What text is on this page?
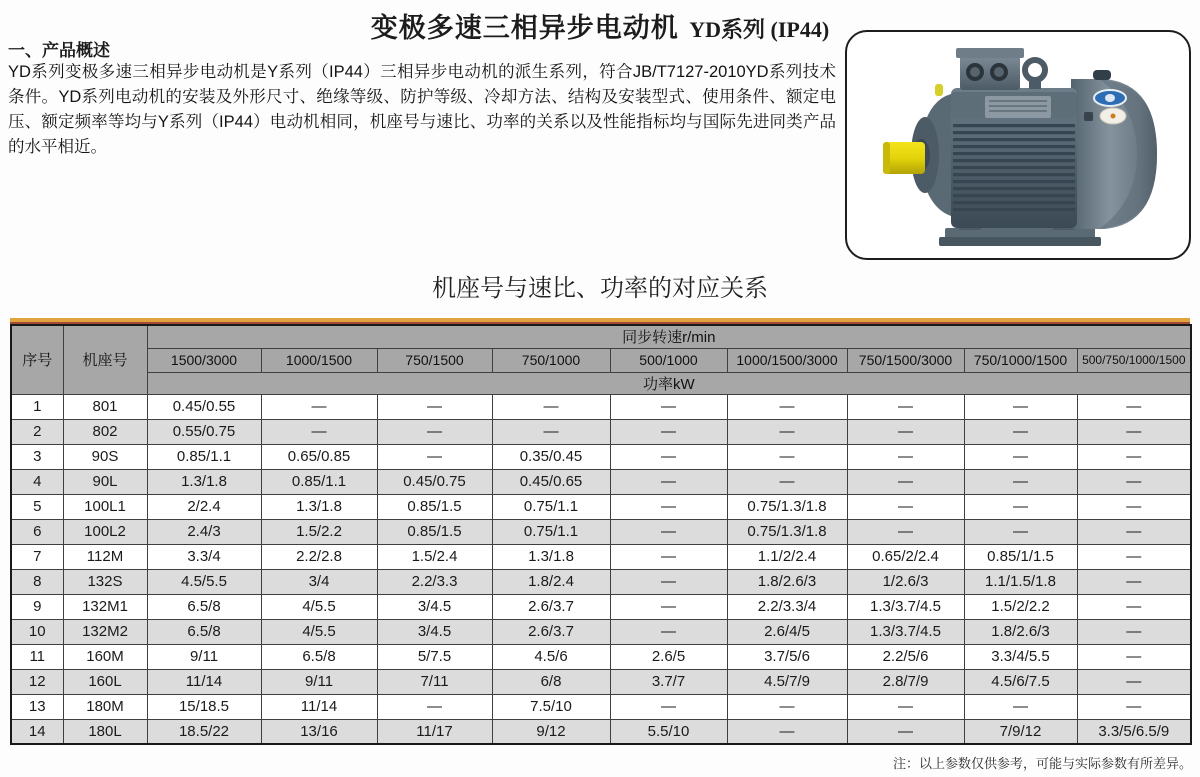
变极多速三相异步电动机 YD系列 (IP44)
一、产品概述

YD系列变极多速三相异步电动机是Y系列（IP44）三相异步电动机的派生系列，符合JB/T7127-2010YD系列技术条件。YD系列电动机的安装及外形尺寸、绝缘等级、防护等级、冷却方法、结构及安装型式、使用条件、额定电压、额定频率等均与Y系列（IP44）电动机相同，机座号与速比、功率的关系以及性能指标均与国际先进同类产品的水平相近。

机座号与速比、功率的对应关系
序号	机座号	同步转速r/min								
		1500/3000	1000/1500	750/1500	750/1000	500/1000	1000/1500/3000	750/1500/3000	750/1000/1500	500/750/1000/1500
		功率kW								
1	801	0.45/0.55	—	—	—	—	—	—	—	—
2	802	0.55/0.75	—	—	—	—	—	—	—	—
3	90S	0.85/1.1	0.65/0.85	—	0.35/0.45	—	—	—	—	—
4	90L	1.3/1.8	0.85/1.1	0.45/0.75	0.45/0.65	—	—	—	—	—
5	100L1	2/2.4	1.3/1.8	0.85/1.5	0.75/1.1	—	0.75/1.3/1.8	—	—	—
6	100L2	2.4/3	1.5/2.2	0.85/1.5	0.75/1.1	—	0.75/1.3/1.8	—	—	—
7	112M	3.3/4	2.2/2.8	1.5/2.4	1.3/1.8	—	1.1/2/2.4	0.65/2/2.4	0.85/1/1.5	—
8	132S	4.5/5.5	3/4	2.2/3.3	1.8/2.4	—	1.8/2.6/3	1/2.6/3	1.1/1.5/1.8	—
9	132M1	6.5/8	4/5.5	3/4.5	2.6/3.7	—	2.2/3.3/4	1.3/3.7/4.5	1.5/2/2.2	—
10	132M2	6.5/8	4/5.5	3/4.5	2.6/3.7	—	2.6/4/5	1.3/3.7/4.5	1.8/2.6/3	—
11	160M	9/11	6.5/8	5/7.5	4.5/6	2.6/5	3.7/5/6	2.2/5/6	3.3/4/5.5	—
12	160L	11/14	9/11	7/11	6/8	3.7/7	4.5/7/9	2.8/7/9	4.5/6/7.5	—
13	180M	15/18.5	11/14	—	7.5/10	—	—	—	—	—
14	180L	18.5/22	13/16	11/17	9/12	5.5/10	—	—	7/9/12	3.3/5/6.5/9
注：以上参数仅供参考，可能与实际参数有所差异。
